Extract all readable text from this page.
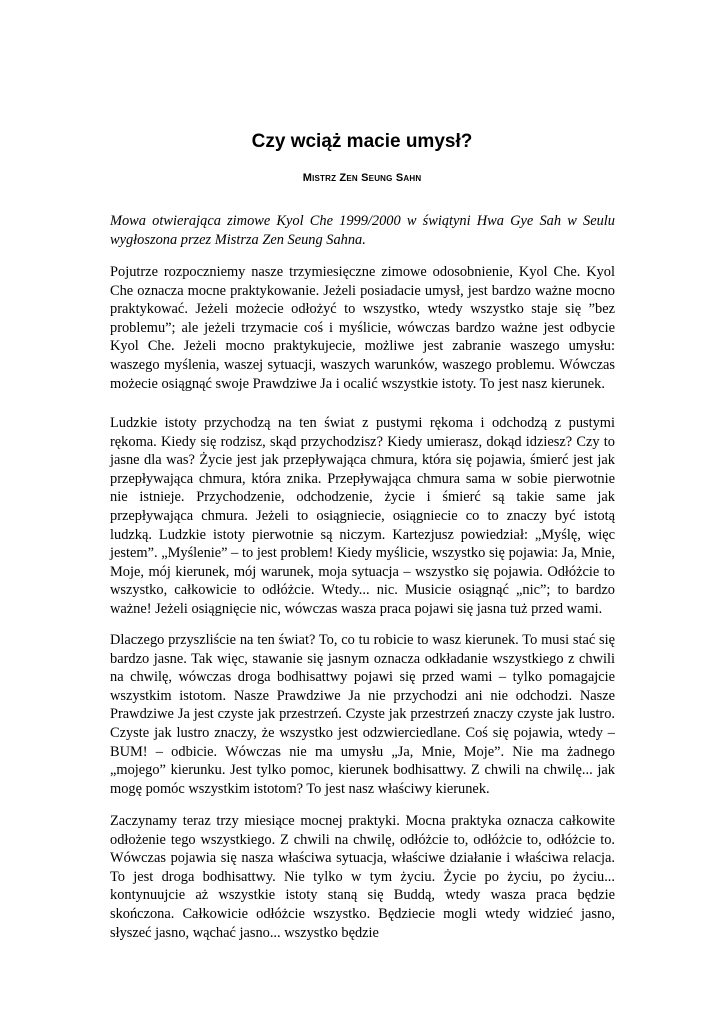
Czy wciąż macie umysł?
Mistrz Zen Seung Sahn

Mowa otwierająca zimowe Kyol Che 1999/2000 w świątyni Hwa Gye Sah w Seulu wygłoszona przez Mistrza Zen Seung Sahna.

Pojutrze rozpoczniemy nasze trzymiesięczne zimowe odosobnienie, Kyol Che. Kyol Che oznacza mocne praktykowanie. Jeżeli posiadacie umysł, jest bardzo ważne mocno praktykować. Jeżeli możecie odłożyć to wszystko, wtedy wszystko staje się ”bez problemu”; ale jeżeli trzymacie coś i myślicie, wówczas bardzo ważne jest odbycie Kyol Che. Jeżeli mocno praktykujecie, możliwe jest zabranie waszego umysłu: waszego myślenia, waszej sytuacji, waszych warunków, waszego problemu. Wówczas możecie osiągnąć swoje Prawdziwe Ja i ocalić wszystkie istoty. To jest nasz kierunek.

Ludzkie istoty przychodzą na ten świat z pustymi rękoma i odchodzą z pustymi rękoma. Kiedy się rodzisz, skąd przychodzisz? Kiedy umierasz, dokąd idziesz? Czy to jasne dla was? Życie jest jak przepływająca chmura, która się pojawia, śmierć jest jak przepływająca chmura, która znika. Przepływająca chmura sama w sobie pierwotnie nie istnieje. Przychodzenie, odchodzenie, życie i śmierć są takie same jak przepływająca chmura. Jeżeli to osiągniecie, osiągniecie co to znaczy być istotą ludzką. Ludzkie istoty pierwotnie są niczym. Kartezjusz powiedział: „Myślę, więc jestem”. „Myślenie” – to jest problem! Kiedy myślicie, wszystko się pojawia: Ja, Mnie, Moje, mój kierunek, mój warunek, moja sytuacja – wszystko się pojawia. Odłóżcie to wszystko, całkowicie to odłóżcie. Wtedy... nic. Musicie osiągnąć „nic”; to bardzo ważne! Jeżeli osiągnięcie nic, wówczas wasza praca pojawi się jasna tuż przed wami.

Dlaczego przyszliście na ten świat? To, co tu robicie to wasz kierunek. To musi stać się bardzo jasne. Tak więc, stawanie się jasnym oznacza odkładanie wszystkiego z chwili na chwilę, wówczas droga bodhisattwy pojawi się przed wami – tylko pomagajcie wszystkim istotom. Nasze Prawdziwe Ja nie przychodzi ani nie odchodzi. Nasze Prawdziwe Ja jest czyste jak przestrzeń. Czyste jak przestrzeń znaczy czyste jak lustro. Czyste jak lustro znaczy, że wszystko jest odzwierciedlane. Coś się pojawia, wtedy – BUM! – odbicie. Wówczas nie ma umysłu „Ja, Mnie, Moje”. Nie ma żadnego „mojego” kierunku. Jest tylko pomoc, kierunek bodhisattwy. Z chwili na chwilę... jak mogę pomóc wszystkim istotom? To jest nasz właściwy kierunek.

Zaczynamy teraz trzy miesiące mocnej praktyki. Mocna praktyka oznacza całkowite odłożenie tego wszystkiego. Z chwili na chwilę, odłóżcie to, odłóżcie to, odłóżcie to. Wówczas pojawia się nasza właściwa sytuacja, właściwe działanie i właściwa relacja. To jest droga bodhisattwy. Nie tylko w tym życiu. Życie po życiu, po życiu... kontynuujcie aż wszystkie istoty staną się Buddą, wtedy wasza praca będzie skończona. Całkowicie odłóżcie wszystko. Będziecie mogli wtedy widzieć jasno, słyszeć jasno, wąchać jasno... wszystko będzie
